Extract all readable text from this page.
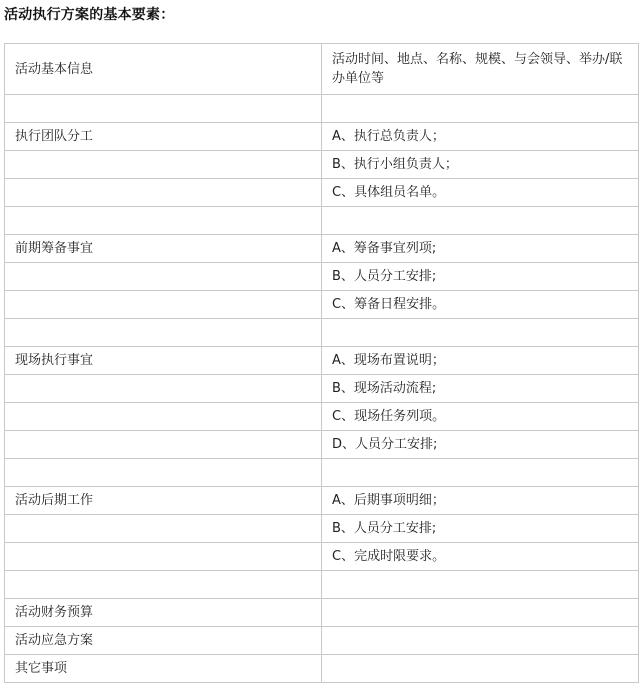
活动执行方案的基本要素：
活动基本信息	活动时间、地点、名称、规模、与会领导、举办/联办单位等

执行团队分工	A、执行总负责人；
	B、执行小组负责人；
	C、具体组员名单。

前期筹备事宜	A、筹备事宜列项;
	B、人员分工安排;
	C、筹备日程安排。

现场执行事宜	A、现场布置说明；
	B、现场活动流程;
	C、现场任务列项。
	D、人员分工安排;

活动后期工作	A、后期事项明细；
	B、人员分工安排;
	C、完成时限要求。

活动财务预算	
活动应急方案	
其它事项	
